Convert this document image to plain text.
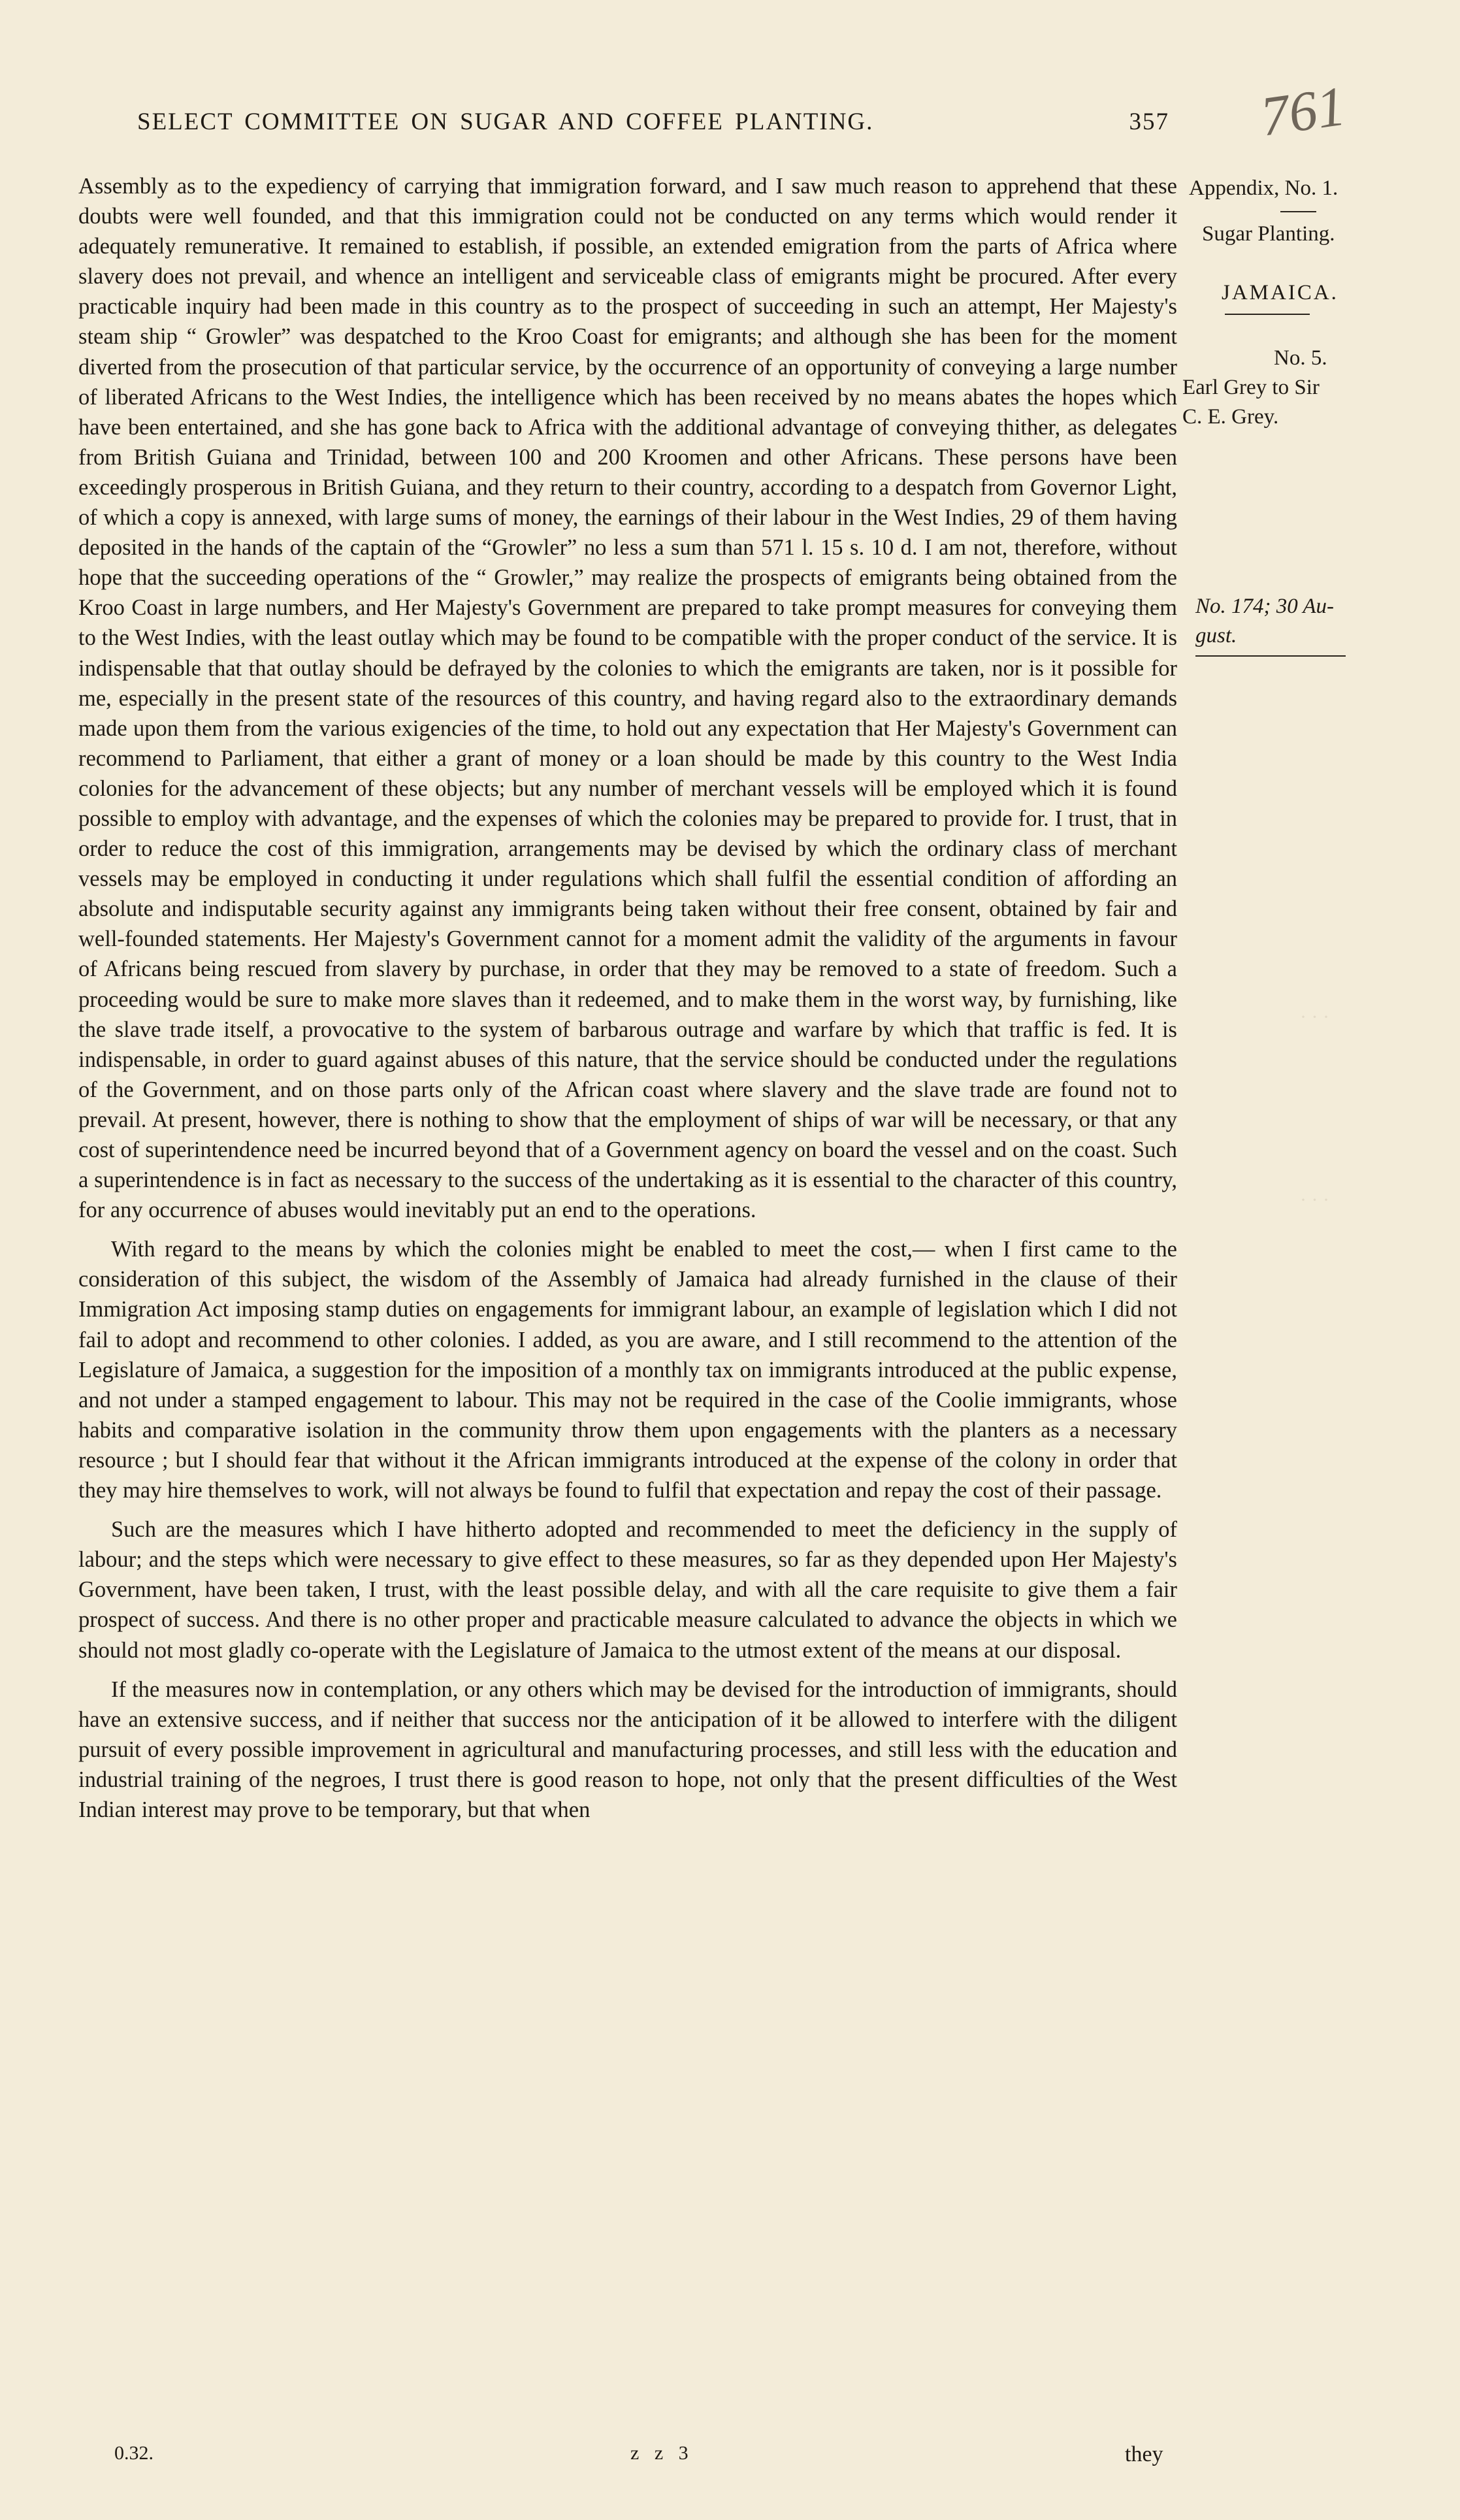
SELECT COMMITTEE ON SUGAR AND COFFEE PLANTING.	357 761

Assembly as to the expediency of carrying that immigration forward, and I saw much reason to apprehend that these doubts were well founded, and that this immigration could not be conducted on any terms which would render it adequately remunerative. It remained to establish, if possible, an extended emigration from the parts of Africa where slavery does not prevail, and whence an intelligent and serviceable class of emigrants might be procured. After every practicable inquiry had been made in this country as to the prospect of succeeding in such an attempt, Her Majesty's steam ship “ Growler” was despatched to the Kroo Coast for emigrants; and although she has been for the moment diverted from the prosecution of that particular service, by the occurrence of an opportunity of conveying a large number of liberated Africans to the West Indies, the intelligence which has been received by no means abates the hopes which have been entertained, and she has gone back to Africa with the additional advantage of conveying thither, as delegates from British Guiana and Trinidad, between 100 and 200 Kroomen and other Africans. These persons have been exceedingly prosperous in British Guiana, and they return to their country, according to a despatch from Governor Light, of which a copy is annexed, with large sums of money, the earnings of their labour in the West Indies, 29 of them having deposited in the hands of the captain of the “Growler” no less a sum than 571 l. 15 s. 10 d. I am not, therefore, without hope that the succeeding operations of the “ Growler,” may realize the prospects of emigrants being obtained from the Kroo Coast in large numbers, and Her Majesty's Government are prepared to take prompt measures for conveying them to the West Indies, with the least outlay which may be found to be compatible with the proper conduct of the service. It is indispensable that that outlay should be defrayed by the colonies to which the emigrants are taken, nor is it possible for me, especially in the present state of the resources of this country, and having regard also to the extraordinary demands made upon them from the various exigencies of the time, to hold out any expectation that Her Majesty's Government can recommend to Parliament, that either a grant of money or a loan should be made by this country to the West India colonies for the advancement of these objects; but any number of merchant vessels will be employed which it is found possible to employ with advantage, and the expenses of which the colonies may be prepared to provide for. I trust, that in order to reduce the cost of this immigration, arrangements may be devised by which the ordinary class of merchant vessels may be employed in conducting it under regulations which shall fulfil the essential condition of affording an absolute and indisputable security against any immigrants being taken without their free consent, obtained by fair and well-founded statements. Her Majesty's Government cannot for a moment admit the validity of the arguments in favour of Africans being rescued from slavery by purchase, in order that they may be removed to a state of freedom. Such a proceeding would be sure to make more slaves than it redeemed, and to make them in the worst way, by furnishing, like the slave trade itself, a provocative to the system of barbarous outrage and warfare by which that traffic is fed. It is indispensable, in order to guard against abuses of this nature, that the service should be conducted under the regulations of the Government, and on those parts only of the African coast where slavery and the slave trade are found not to prevail. At present, however, there is nothing to show that the employment of ships of war will be necessary, or that any cost of superintendence need be incurred beyond that of a Government agency on board the vessel and on the coast. Such a superintendence is in fact as necessary to the success of the undertaking as it is essential to the character of this country, for any occurrence of abuses would inevitably put an end to the operations.

With regard to the means by which the colonies might be enabled to meet the cost,— when I first came to the consideration of this subject, the wisdom of the Assembly of Jamaica had already furnished in the clause of their Immigration Act imposing stamp duties on engagements for immigrant labour, an example of legislation which I did not fail to adopt and recommend to other colonies. I added, as you are aware, and I still recommend to the attention of the Legislature of Jamaica, a suggestion for the imposition of a monthly tax on immigrants introduced at the public expense, and not under a stamped engagement to labour. This may not be required in the case of the Coolie immigrants, whose habits and comparative isolation in the community throw them upon engagements with the planters as a necessary resource ; but I should fear that without it the African immigrants introduced at the expense of the colony in order that they may hire themselves to work, will not always be found to fulfil that expectation and repay the cost of their passage.

Such are the measures which I have hitherto adopted and recommended to meet the deficiency in the supply of labour; and the steps which were necessary to give effect to these measures, so far as they depended upon Her Majesty's Government, have been taken, I trust, with the least possible delay, and with all the care requisite to give them a fair prospect of success. And there is no other proper and practicable measure calculated to advance the objects in which we should not most gladly co-operate with the Legislature of Jamaica to the utmost extent of the means at our disposal.

If the measures now in contemplation, or any others which may be devised for the introduction of immigrants, should have an extensive success, and if neither that success nor the anticipation of it be allowed to interfere with the diligent pursuit of every possible improvement in agricultural and manufacturing processes, and still less with the education and industrial training of the negroes, I trust there is good reason to hope, not only that the present difficulties of the West Indian interest may prove to be temporary, but that when

Appendix, No. 1.
Sugar Planting.
JAMAICA.
No. 5.
Earl Grey to Sir
C. E. Grey.
No. 174; 30 Au-
gust.
· · ·
· · ·
0.32.	z z 3	they
